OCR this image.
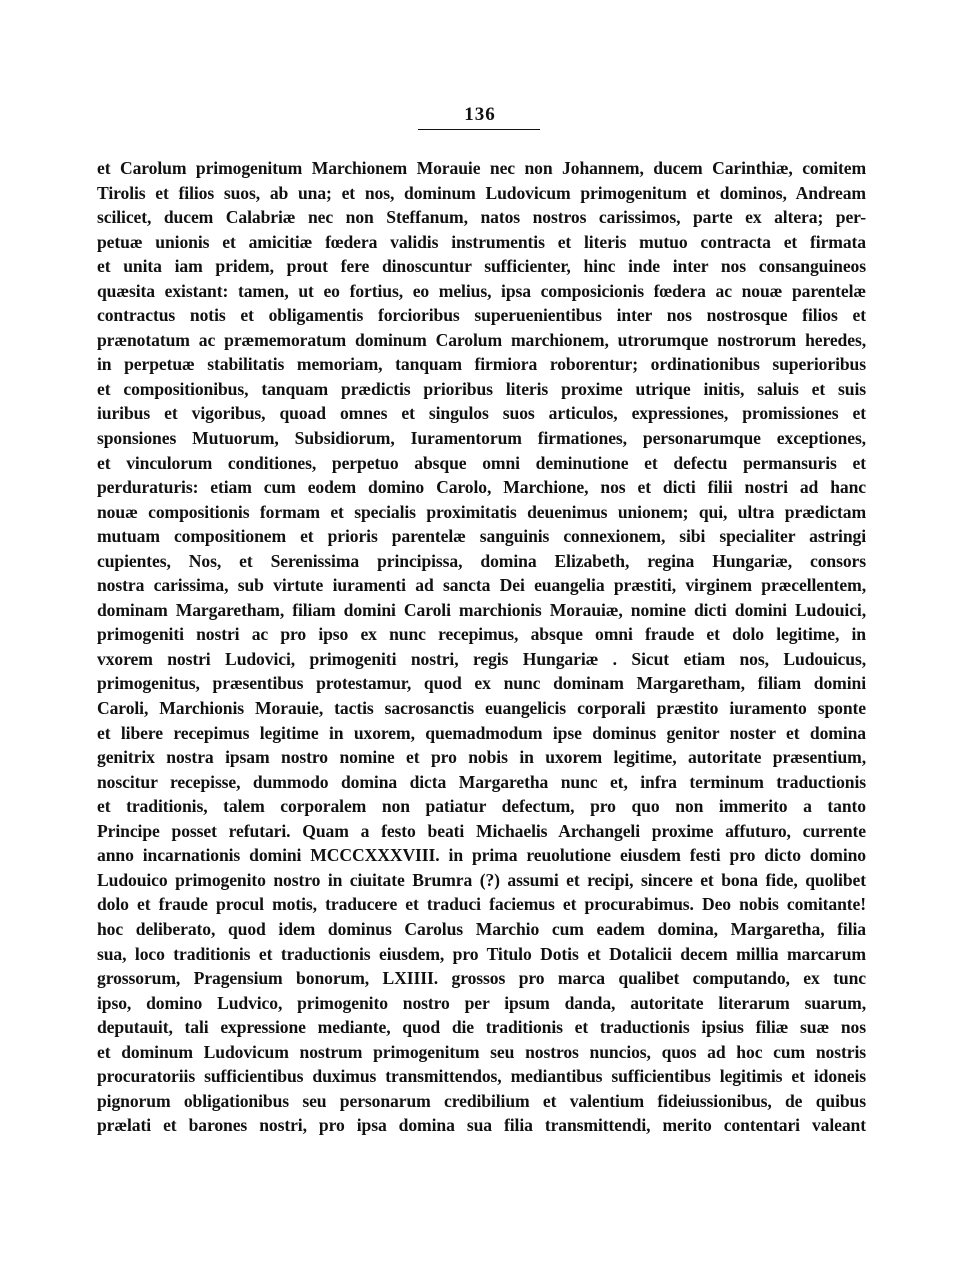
136
et Carolum primogenitum Marchionem Morauie nec non Johannem, ducem Carinthiæ, comitem
Tirolis et filios suos, ab una; et nos, dominum Ludovicum primogenitum et dominos, Andream
scilicet, ducem Calabriæ nec non Steffanum, natos nostros carissimos, parte ex altera; per-
petuæ unionis et amicitiæ fœdera validis instrumentis et literis mutuo contracta et firmata
et unita iam pridem, prout fere dinoscuntur sufficienter, hinc inde inter nos consanguineos
quæsita existant: tamen, ut eo fortius, eo melius, ipsa composicionis fœdera ac nouæ parentelæ
contractus notis et obligamentis forcioribus superuenientibus inter nos nostrosque filios et
prænotatum ac præmemoratum dominum Carolum marchionem, utrorumque nostrorum heredes,
in perpetuæ stabilitatis memoriam, tanquam firmiora roborentur; ordinationibus superioribus
et compositionibus, tanquam prædictis prioribus literis proxime utrique initis, saluis et suis
iuribus et vigoribus, quoad omnes et singulos suos articulos, expressiones, promissiones et
sponsiones Mutuorum, Subsidiorum, Iuramentorum firmationes, personarumque exceptiones,
et vinculorum conditiones, perpetuo absque omni deminutione et defectu permansuris et
perduraturis: etiam cum eodem domino Carolo, Marchione, nos et dicti filii nostri ad hanc
nouæ compositionis formam et specialis proximitatis deuenimus unionem; qui, ultra prædictam
mutuam compositionem et prioris parentelæ sanguinis connexionem, sibi specialiter astringi
cupientes, Nos, et Serenissima principissa, domina Elizabeth, regina Hungariæ, consors
nostra carissima, sub virtute iuramenti ad sancta Dei euangelia præstiti, virginem præcellentem,
dominam Margaretham, filiam domini Caroli marchionis Morauiæ, nomine dicti domini Ludouici,
primogeniti nostri ac pro ipso ex nunc recepimus, absque omni fraude et dolo legitime, in
vxorem nostri Ludovici, primogeniti nostri, regis Hungariæ . Sicut etiam nos, Ludouicus,
primogenitus, præsentibus protestamur, quod ex nunc dominam Margaretham, filiam domini
Caroli, Marchionis Morauie, tactis sacrosanctis euangelicis corporali præstito iuramento sponte
et libere recepimus legitime in uxorem, quemadmodum ipse dominus genitor noster et domina
genitrix nostra ipsam nostro nomine et pro nobis in uxorem legitime, autoritate præsentium,
noscitur recepisse, dummodo domina dicta Margaretha nunc et, infra terminum traductionis
et traditionis, talem corporalem non patiatur defectum, pro quo non immerito a tanto
Principe posset refutari. Quam a festo beati Michaelis Archangeli proxime affuturo, currente
anno incarnationis domini MCCCXXXVIII. in prima reuolutione eiusdem festi pro dicto domino
Ludouico primogenito nostro in ciuitate Brumra (?) assumi et recipi, sincere et bona fide, quolibet
dolo et fraude procul motis, traducere et traduci faciemus et procurabimus. Deo nobis comitante!
hoc deliberato, quod idem dominus Carolus Marchio cum eadem domina, Margaretha, filia
sua, loco traditionis et traductionis eiusdem, pro Titulo Dotis et Dotalicii decem millia marcarum
grossorum, Pragensium bonorum, LXIIII. grossos pro marca qualibet computando, ex tunc
ipso, domino Ludvico, primogenito nostro per ipsum danda, autoritate literarum suarum,
deputauit, tali expressione mediante, quod die traditionis et traductionis ipsius filiæ suæ nos
et dominum Ludovicum nostrum primogenitum seu nostros nuncios, quos ad hoc cum nostris
procuratoriis sufficientibus duximus transmittendos, mediantibus sufficientibus legitimis et idoneis
pignorum obligationibus seu personarum credibilium et valentium fideiussionibus, de quibus
prælati et barones nostri, pro ipsa domina sua filia transmittendi, merito contentari valeant
